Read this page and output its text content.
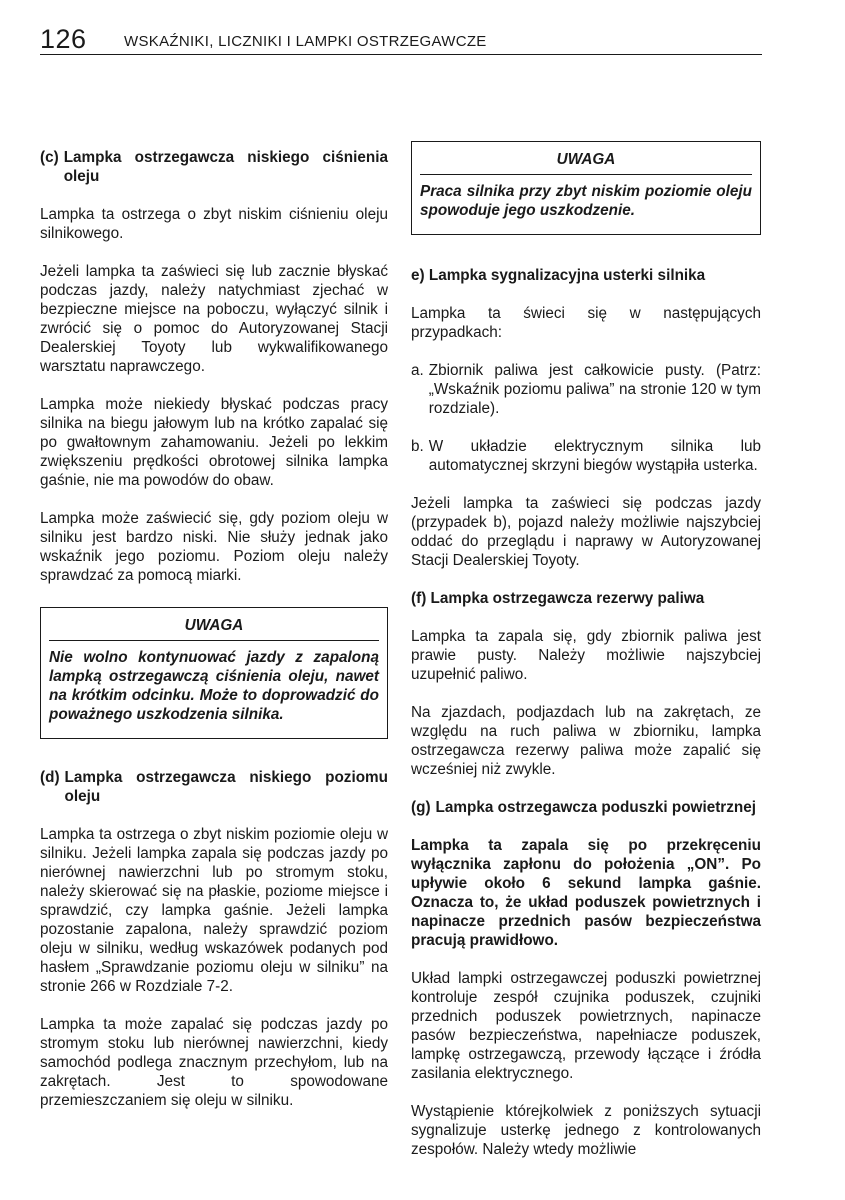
126 WSKAŹNIKI, LICZNIKI I LAMPKI OSTRZEGAWCZE
(c) Lampka ostrzegawcza niskiego ciśnienia oleju

Lampka ta ostrzega o zbyt niskim ciśnieniu oleju silnikowego.

Jeżeli lampka ta zaświeci się lub zacznie błyskać podczas jazdy, należy natychmiast zjechać w bezpieczne miejsce na poboczu, wyłączyć silnik i zwrócić się o pomoc do Autoryzowanej Stacji Dealerskiej Toyoty lub wykwalifikowanego warsztatu naprawczego.

Lampka może niekiedy błyskać podczas pracy silnika na biegu jałowym lub na krótko zapalać się po gwałtownym zahamowaniu. Jeżeli po lekkim zwiększeniu prędkości obrotowej silnika lampka gaśnie, nie ma powodów do obaw.

Lampka może zaświecić się, gdy poziom oleju w silniku jest bardzo niski. Nie służy jednak jako wskaźnik jego poziomu. Poziom oleju należy sprawdzać za pomocą miarki.

UWAGA

Nie wolno kontynuować jazdy z zapaloną lampką ostrzegawczą ciśnienia oleju, nawet na krótkim odcinku. Może to doprowadzić do poważnego uszkodzenia silnika.

(d) Lampka ostrzegawcza niskiego poziomu oleju

Lampka ta ostrzega o zbyt niskim poziomie oleju w silniku. Jeżeli lampka zapala się podczas jazdy po nierównej nawierzchni lub po stromym stoku, należy skierować się na płaskie, poziome miejsce i sprawdzić, czy lampka gaśnie. Jeżeli lampka pozostanie zapalona, należy sprawdzić poziom oleju w silniku, według wskazówek podanych pod hasłem „Sprawdzanie poziomu oleju w silniku” na stronie 266 w Rozdziale 7-2.

Lampka ta może zapalać się podczas jazdy po stromym stoku lub nierównej nawierzchni, kiedy samochód podlega znacznym przechyłom, lub na zakrętach. Jest to spowodowane przemieszczaniem się oleju w silniku.

UWAGA

Praca silnika przy zbyt niskim poziomie oleju spowoduje jego uszkodzenie.

e) Lampka sygnalizacyjna usterki silnika

Lampka ta świeci się w następujących przypadkach:

a. Zbiornik paliwa jest całkowicie pusty. (Patrz: „Wskaźnik poziomu paliwa” na stronie 120 w tym rozdziale).

b. W układzie elektrycznym silnika lub automatycznej skrzyni biegów wystąpiła usterka.

Jeżeli lampka ta zaświeci się podczas jazdy (przypadek b), pojazd należy możliwie najszybciej oddać do przeglądu i naprawy w Autoryzowanej Stacji Dealerskiej Toyoty.

(f) Lampka ostrzegawcza rezerwy paliwa

Lampka ta zapala się, gdy zbiornik paliwa jest prawie pusty. Należy możliwie najszybciej uzupełnić paliwo.

Na zjazdach, podjazdach lub na zakrętach, ze względu na ruch paliwa w zbiorniku, lampka ostrzegawcza rezerwy paliwa może zapalić się wcześniej niż zwykle.

(g) Lampka ostrzegawcza poduszki powietrznej

Lampka ta zapala się po przekręceniu wyłącznika zapłonu do położenia „ON”. Po upływie około 6 sekund lampka gaśnie. Oznacza to, że układ poduszek powietrznych i napinacze przednich pasów bezpieczeństwa pracują prawidłowo.

Układ lampki ostrzegawczej poduszki powietrznej kontroluje zespół czujnika poduszek, czujniki przednich poduszek powietrznych, napinacze pasów bezpieczeństwa, napełniacze poduszek, lampkę ostrzegawczą, przewody łączące i źródła zasilania elektrycznego.

Wystąpienie którejkolwiek z poniższych sytuacji sygnalizuje usterkę jednego z kontrolowanych zespołów. Należy wtedy możliwie
